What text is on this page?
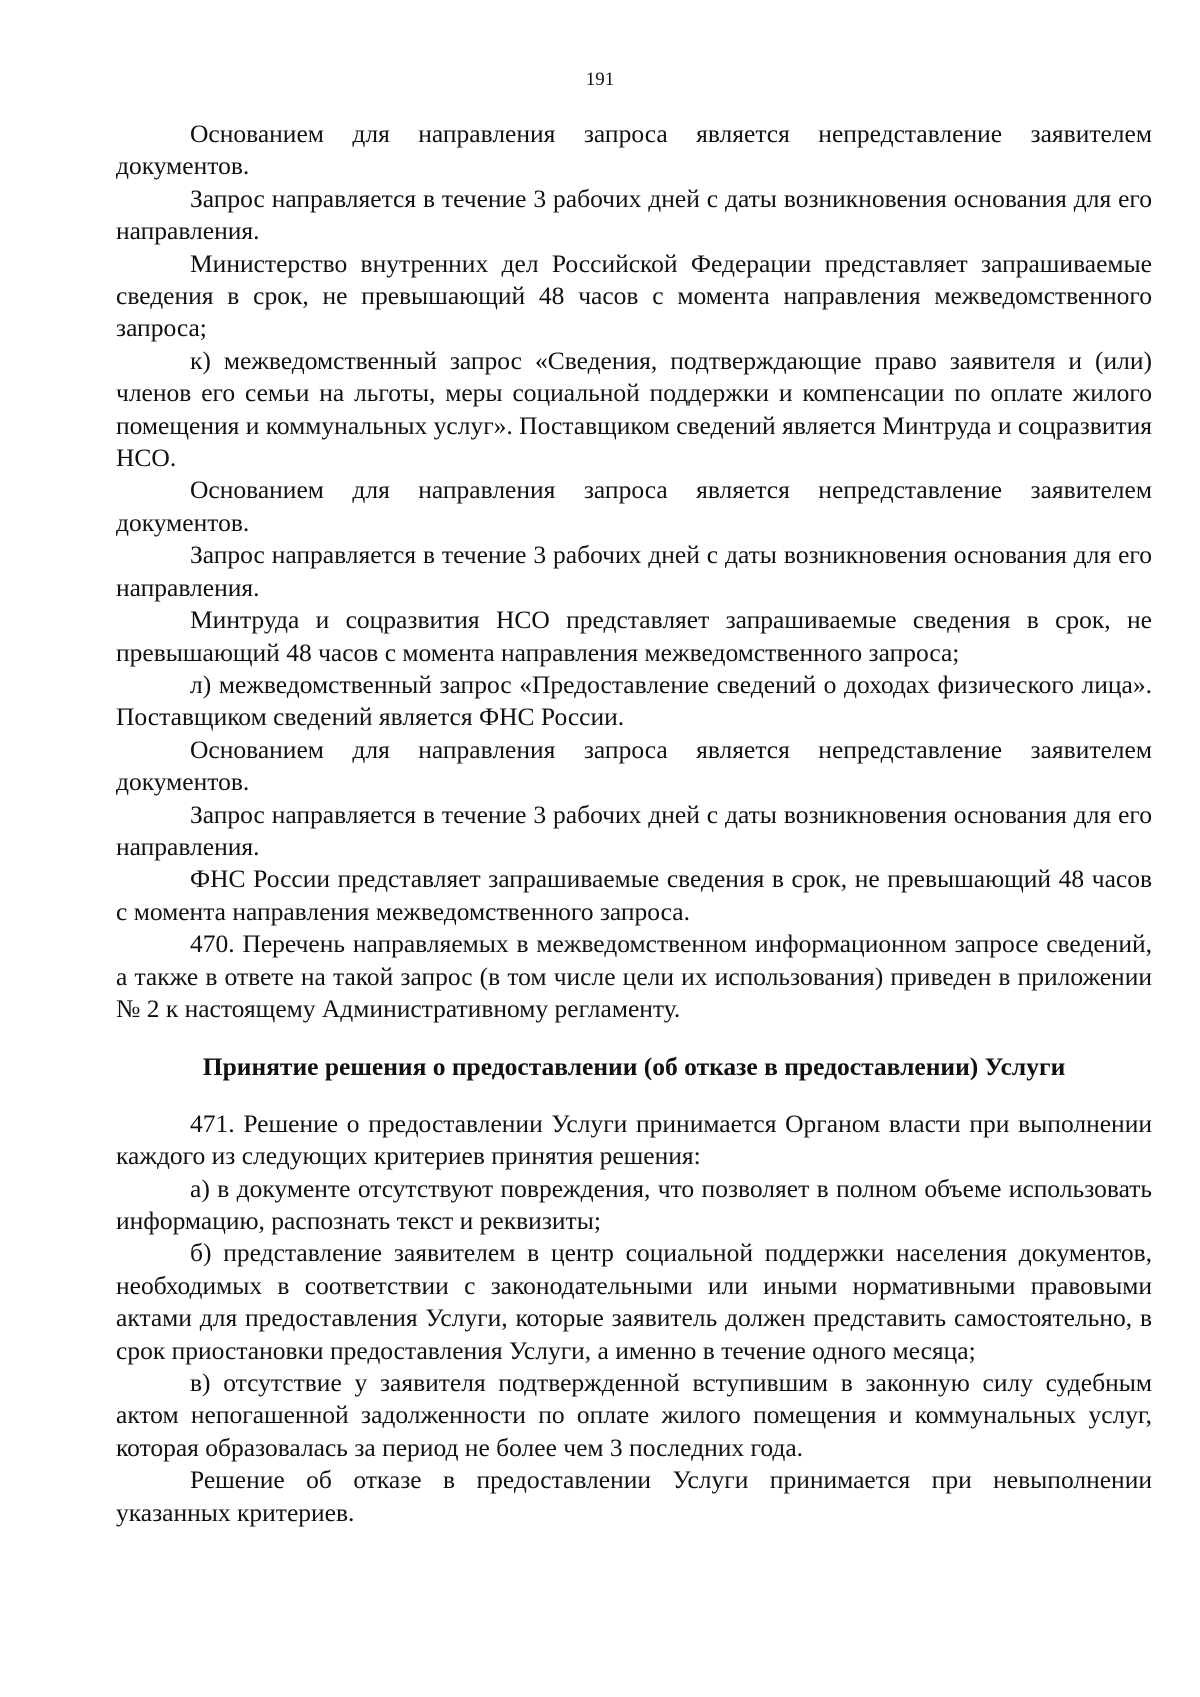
191

Основанием для направления запроса является непредставление заявителем документов.

Запрос направляется в течение 3 рабочих дней с даты возникновения основания для его направления.

Министерство внутренних дел Российской Федерации представляет запрашиваемые сведения в срок, не превышающий 48 часов с момента направления межведомственного запроса;

к) межведомственный запрос «Сведения, подтверждающие право заявителя и (или) членов его семьи на льготы, меры социальной поддержки и компенсации по оплате жилого помещения и коммунальных услуг». Поставщиком сведений является Минтруда и соцразвития НСО.

Основанием для направления запроса является непредставление заявителем документов.

Запрос направляется в течение 3 рабочих дней с даты возникновения основания для его направления.

Минтруда и соцразвития НСО представляет запрашиваемые сведения в срок, не превышающий 48 часов с момента направления межведомственного запроса;

л) межведомственный запрос «Предоставление сведений о доходах физического лица». Поставщиком сведений является ФНС России.

Основанием для направления запроса является непредставление заявителем документов.

Запрос направляется в течение 3 рабочих дней с даты возникновения основания для его направления.

ФНС России представляет запрашиваемые сведения в срок, не превышающий 48 часов с момента направления межведомственного запроса.

470. Перечень направляемых в межведомственном информационном запросе сведений, а также в ответе на такой запрос (в том числе цели их использования) приведен в приложении № 2 к настоящему Административному регламенту.

Принятие решения о предоставлении (об отказе в предоставлении) Услуги

471. Решение о предоставлении Услуги принимается Органом власти при выполнении каждого из следующих критериев принятия решения:

а) в документе отсутствуют повреждения, что позволяет в полном объеме использовать информацию, распознать текст и реквизиты;

б) представление заявителем в центр социальной поддержки населения документов, необходимых в соответствии с законодательными или иными нормативными правовыми актами для предоставления Услуги, которые заявитель должен представить самостоятельно, в срок приостановки предоставления Услуги, а именно в течение одного месяца;

в) отсутствие у заявителя подтвержденной вступившим в законную силу судебным актом непогашенной задолженности по оплате жилого помещения и коммунальных услуг, которая образовалась за период не более чем 3 последних года.

Решение об отказе в предоставлении Услуги принимается при невыполнении указанных критериев.
